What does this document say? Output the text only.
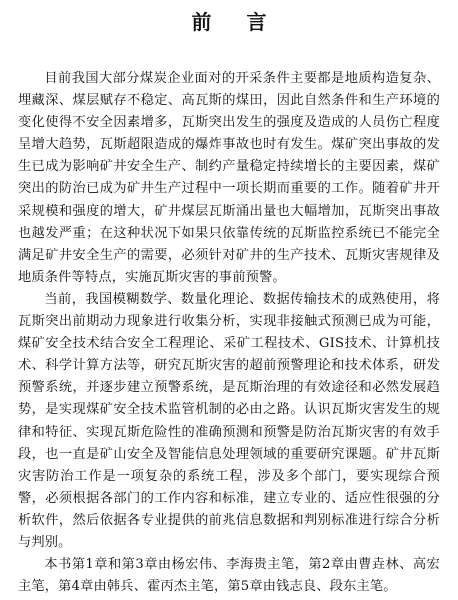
前 言

目前我国大部分煤炭企业面对的开采条件主要都是地质构造复杂、埋藏深、煤层赋存不稳定、高瓦斯的煤田，因此自然条件和生产环境的变化使得不安全因素增多，瓦斯突出发生的强度及造成的人员伤亡程度呈增大趋势，瓦斯超限造成的爆炸事故也时有发生。煤矿突出事故的发生已成为影响矿井安全生产、制约产量稳定持续增长的主要因素，煤矿突出的防治已成为矿井生产过程中一项长期而重要的工作。随着矿井开采规模和强度的增大，矿井煤层瓦斯涌出量也大幅增加，瓦斯突出事故也越发严重；在这种状况下如果只依靠传统的瓦斯监控系统已不能完全满足矿井安全生产的需要，必须针对矿井的生产技术、瓦斯灾害规律及地质条件等特点，实施瓦斯灾害的事前预警。

当前，我国模糊数学、数量化理论、数据传输技术的成熟使用，将瓦斯突出前期动力现象进行收集分析，实现非接触式预测已成为可能，煤矿安全技术结合安全工程理论、采矿工程技术、GIS技术、计算机技术、科学计算方法等，研究瓦斯灾害的超前预警理论和技术体系，研发预警系统，并逐步建立预警系统，是瓦斯治理的有效途径和必然发展趋势，是实现煤矿安全技术监管机制的必由之路。认识瓦斯灾害发生的规律和特征、实现瓦斯危险性的准确预测和预警是防治瓦斯灾害的有效手段，也一直是矿山安全及智能信息处理领域的重要研究课题。矿井瓦斯灾害防治工作是一项复杂的系统工程，涉及多个部门，要实现综合预警，必须根据各部门的工作内容和标准，建立专业的、适应性很强的分析软件，然后依据各专业提供的前兆信息数据和判别标准进行综合分析与判别。

本书第1章和第3章由杨宏伟、李海贵主笔，第2章由曹垚林、高宏主笔，第4章由韩兵、霍丙杰主笔，第5章由钱志良、段东主笔。
